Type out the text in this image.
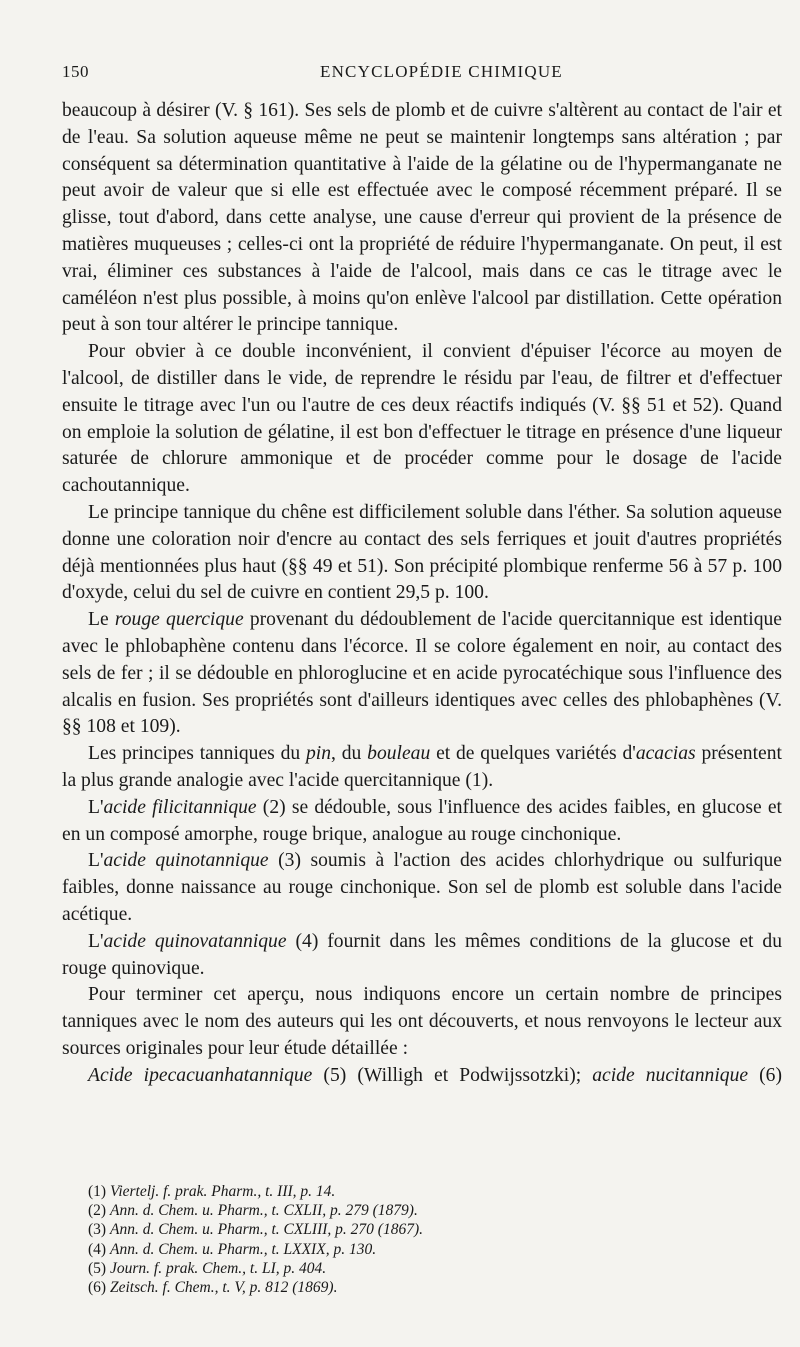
150	ENCYCLOPÉDIE CHIMIQUE

beaucoup à désirer (V. § 161). Ses sels de plomb et de cuivre s'altèrent au contact de l'air et de l'eau. Sa solution aqueuse même ne peut se maintenir longtemps sans altération ; par conséquent sa détermination quantitative à l'aide de la gélatine ou de l'hypermanganate ne peut avoir de valeur que si elle est effectuée avec le composé récemment préparé. Il se glisse, tout d'abord, dans cette analyse, une cause d'erreur qui provient de la présence de matières muqueuses ; celles-ci ont la propriété de réduire l'hypermanganate. On peut, il est vrai, éliminer ces substances à l'aide de l'alcool, mais dans ce cas le titrage avec le caméléon n'est plus possible, à moins qu'on enlève l'alcool par distillation. Cette opération peut à son tour altérer le principe tannique.

Pour obvier à ce double inconvénient, il convient d'épuiser l'écorce au moyen de l'alcool, de distiller dans le vide, de reprendre le résidu par l'eau, de filtrer et d'effectuer ensuite le titrage avec l'un ou l'autre de ces deux réactifs indiqués (V. §§ 51 et 52). Quand on emploie la solution de gélatine, il est bon d'effectuer le titrage en présence d'une liqueur saturée de chlorure ammonique et de procéder comme pour le dosage de l'acide cachoutannique.

Le principe tannique du chêne est difficilement soluble dans l'éther. Sa solution aqueuse donne une coloration noir d'encre au contact des sels ferriques et jouit d'autres propriétés déjà mentionnées plus haut (§§ 49 et 51). Son précipité plombique renferme 56 à 57 p. 100 d'oxyde, celui du sel de cuivre en contient 29,5 p. 100.

Le rouge quercique provenant du dédoublement de l'acide quercitannique est identique avec le phlobaphène contenu dans l'écorce. Il se colore également en noir, au contact des sels de fer ; il se dédouble en phloroglucine et en acide pyrocatéchique sous l'influence des alcalis en fusion. Ses propriétés sont d'ailleurs identiques avec celles des phlobaphènes (V. §§ 108 et 109).

Les principes tanniques du pin, du bouleau et de quelques variétés d'acacias présentent la plus grande analogie avec l'acide quercitannique (1).

L'acide filicitannique (2) se dédouble, sous l'influence des acides faibles, en glucose et en un composé amorphe, rouge brique, analogue au rouge cinchonique.

L'acide quinotannique (3) soumis à l'action des acides chlorhydrique ou sulfurique faibles, donne naissance au rouge cinchonique. Son sel de plomb est soluble dans l'acide acétique.

L'acide quinovatannique (4) fournit dans les mêmes conditions de la glucose et du rouge quinovique.

Pour terminer cet aperçu, nous indiquons encore un certain nombre de principes tanniques avec le nom des auteurs qui les ont découverts, et nous renvoyons le lecteur aux sources originales pour leur étude détaillée :

Acide ipecacuanhatannique (5) (Willigh et Podwijssotzki); acide nucitannique (6)

(1) Viertelj. f. prak. Pharm., t. III, p. 14.
(2) Ann. d. Chem. u. Pharm., t. CXLII, p. 279 (1879).
(3) Ann. d. Chem. u. Pharm., t. CXLIII, p. 270 (1867).
(4) Ann. d. Chem. u. Pharm., t. LXXIX, p. 130.
(5) Journ. f. prak. Chem., t. LI, p. 404.
(6) Zeitsch. f. Chem., t. V, p. 812 (1869).
